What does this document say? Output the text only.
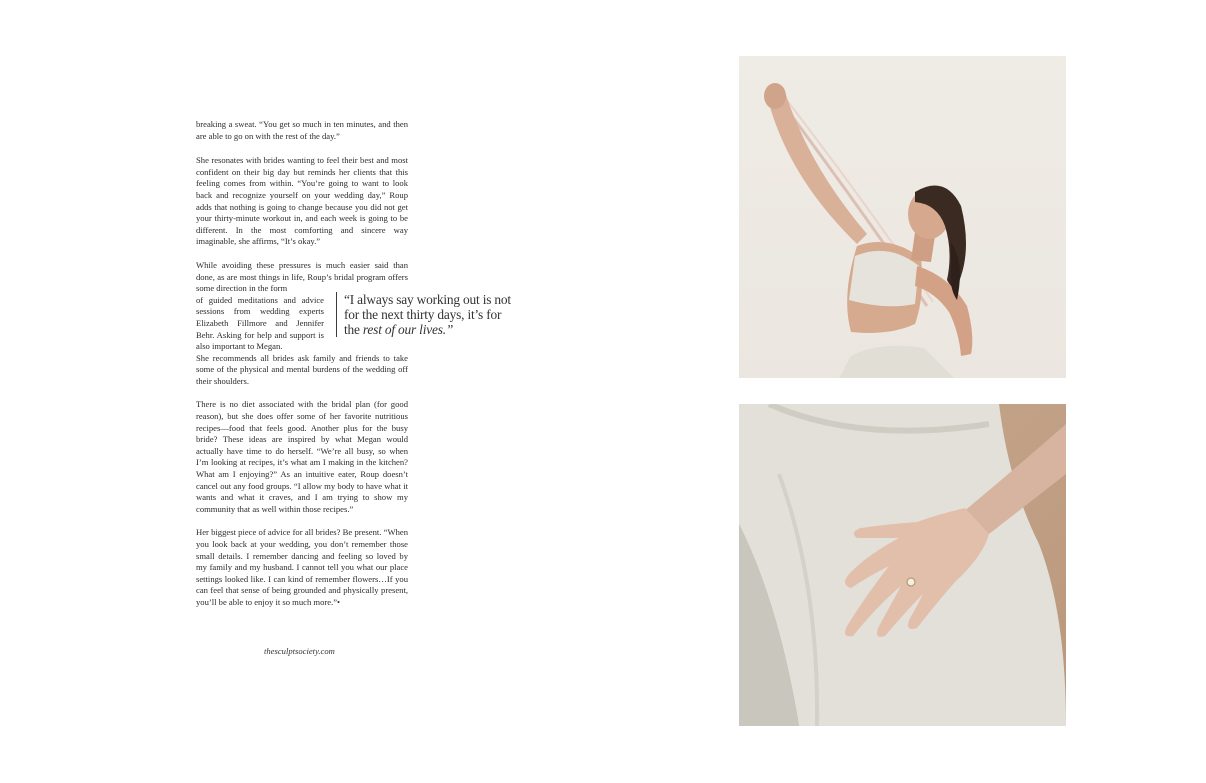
breaking a sweat. “You get so much in ten minutes, and then are able to go on with the rest of the day.”

She resonates with brides wanting to feel their best and most confident on their big day but reminds her clients that this feeling comes from within. “You’re going to want to look back and recognize yourself on your wedding day,” Roup adds that nothing is going to change because you did not get your thirty-minute workout in, and each week is going to be different. In the most comforting and sincere way imaginable, she affirms, “It’s okay.”

While avoiding these pressures is much easier said than done, as are most things in life, Roup’s bridal program offers some direction in the form
of guided meditations and advice sessions from wedding experts Elizabeth Fillmore and Jennifer Behr. Asking for help and support is also important to Megan.
She recommends all brides ask family and friends to take some of the physical and mental burdens of the wedding off their shoulders.

There is no diet associated with the bridal plan (for good reason), but she does offer some of her favorite nutritious recipes—food that feels good. Another plus for the busy bride? These ideas are inspired by what Megan would actually have time to do herself. “We’re all busy, so when I’m looking at recipes, it’s what am I making in the kitchen? What am I enjoying?” As an intuitive eater, Roup doesn’t cancel out any food groups. “I allow my body to have what it wants and what it craves, and I am trying to show my community that as well within those recipes.”

Her biggest piece of advice for all brides? Be present. “When you look back at your wedding, you don’t remember those small details. I remember dancing and feeling so loved by my family and my husband. I cannot tell you what our place settings looked like. I can kind of remember flowers…If you can feel that sense of being grounded and physically present, you’ll be able to enjoy it so much more.”•

“I always say working out is not for the next thirty days, it’s for the rest of our lives.”
thesculptsociety.com
